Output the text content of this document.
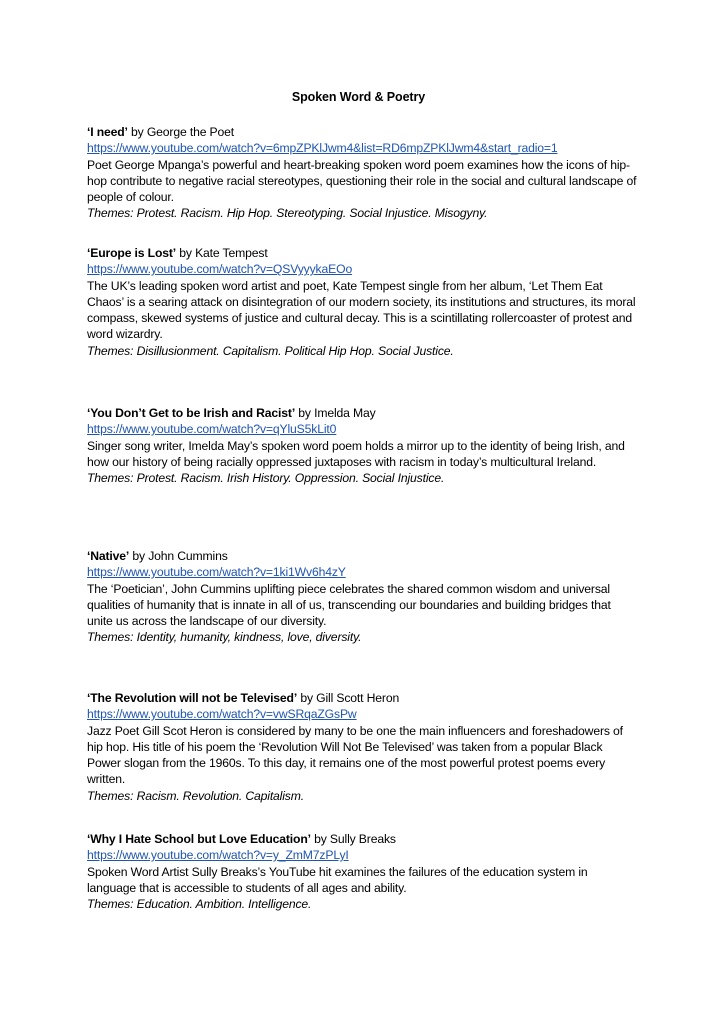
Spoken Word & Poetry
‘I need’ by George the Poet
https://www.youtube.com/watch?v=6mpZPKlJwm4&list=RD6mpZPKlJwm4&start_radio=1
Poet George Mpanga’s powerful and heart-breaking spoken word poem examines how the icons of hip-hop contribute to negative racial stereotypes, questioning their role in the social and cultural landscape of people of colour.
Themes: Protest. Racism. Hip Hop. Stereotyping. Social Injustice. Misogyny.
‘Europe is Lost’ by Kate Tempest
https://www.youtube.com/watch?v=QSVyyykaEOo
The UK’s leading spoken word artist and poet, Kate Tempest single from her album, ‘Let Them Eat Chaos’ is a searing attack on disintegration of our modern society, its institutions and structures, its moral compass, skewed systems of justice and cultural decay. This is a scintillating rollercoaster of protest and word wizardry.
Themes: Disillusionment. Capitalism. Political Hip Hop. Social Justice.
‘You Don’t Get to be Irish and Racist’ by Imelda May
https://www.youtube.com/watch?v=qYluS5kLit0
Singer song writer, Imelda May’s spoken word poem holds a mirror up to the identity of being Irish, and how our history of being racially oppressed juxtaposes with racism in today’s multicultural Ireland.
Themes: Protest. Racism. Irish History. Oppression. Social Injustice.
‘Native’ by John Cummins
https://www.youtube.com/watch?v=1ki1Wv6h4zY
The ‘Poetician’, John Cummins uplifting piece celebrates the shared common wisdom and universal qualities of humanity that is innate in all of us, transcending our boundaries and building bridges that unite us across the landscape of our diversity.
Themes: Identity, humanity, kindness, love, diversity.
‘The Revolution will not be Televised’ by Gill Scott Heron
https://www.youtube.com/watch?v=vwSRqaZGsPw
Jazz Poet Gill Scot Heron is considered by many to be one the main influencers and foreshadowers of hip hop. His title of his poem the ‘Revolution Will Not Be Televised’ was taken from a popular Black Power slogan from the 1960s. To this day, it remains one of the most powerful protest poems every written.
Themes: Racism. Revolution. Capitalism.
‘Why I Hate School but Love Education’ by Sully Breaks
https://www.youtube.com/watch?v=y_ZmM7zPLyI
Spoken Word Artist Sully Breaks’s YouTube hit examines the failures of the education system in language that is accessible to students of all ages and ability.
Themes: Education. Ambition. Intelligence.
